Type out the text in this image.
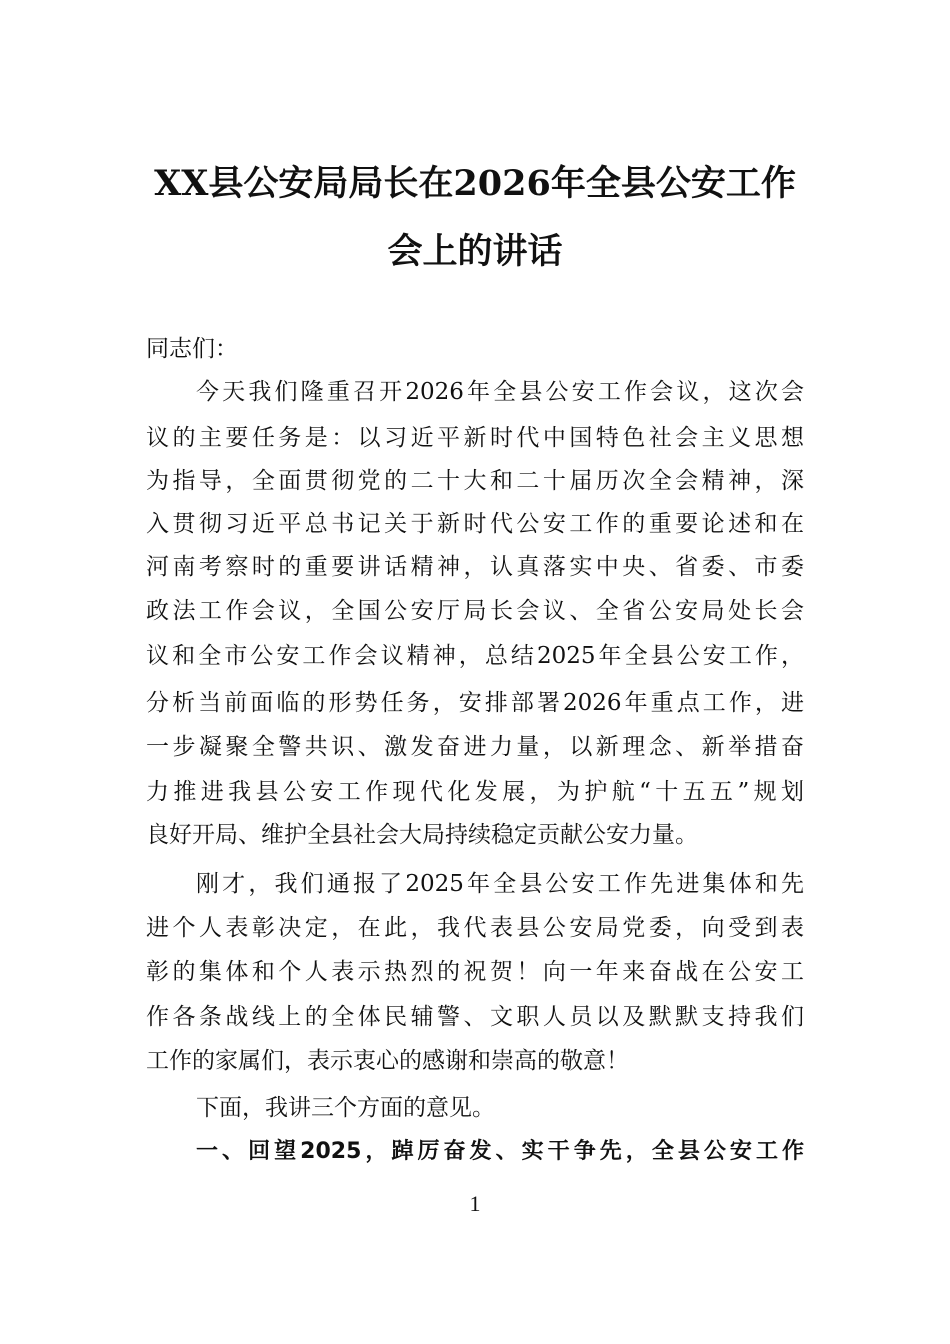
XX县公安局局长在2026年全县公安工作
会上的讲话

同志们：

今天我们隆重召开2026年全县公安工作会议，这次会

议的主要任务是：以习近平新时代中国特色社会主义思想

为指导，全面贯彻党的二十大和二十届历次全会精神，深

入贯彻习近平总书记关于新时代公安工作的重要论述和在

河南考察时的重要讲话精神，认真落实中央、省委、市委

政法工作会议，全国公安厅局长会议、全省公安局处长会

议和全市公安工作会议精神，总结2025年全县公安工作，

分析当前面临的形势任务，安排部署2026年重点工作，进

一步凝聚全警共识、激发奋进力量，以新理念、新举措奋

力推进我县公安工作现代化发展，为护航“十五五”规划

良好开局、维护全县社会大局持续稳定贡献公安力量。

刚才，我们通报了2025年全县公安工作先进集体和先

进个人表彰决定，在此，我代表县公安局党委，向受到表

彰的集体和个人表示热烈的祝贺！向一年来奋战在公安工

作各条战线上的全体民辅警、文职人员以及默默支持我们

工作的家属们，表示衷心的感谢和崇高的敬意！

下面，我讲三个方面的意见。

一、回望2025，踔厉奋发、实干争先，全县公安工作

1
